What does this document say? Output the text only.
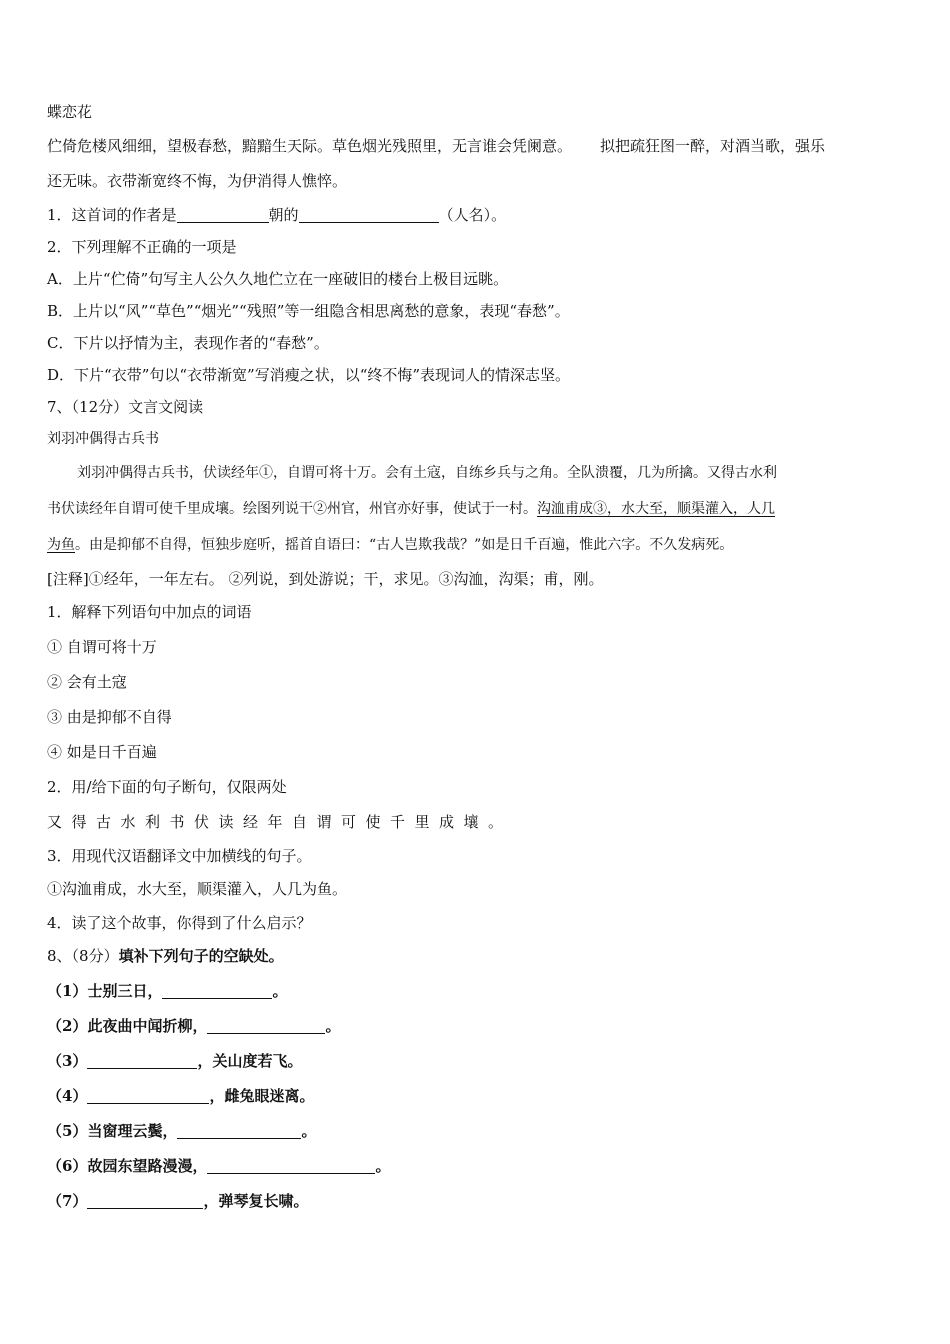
蝶恋花
伫倚危楼风细细，望极春愁，黯黯生天际。草色烟光残照里，无言谁会凭阑意。 拟把疏狂图一醉，对酒当歌，强乐
还无味。衣带渐宽终不悔，为伊消得人憔悴。
1．这首词的作者是	朝的	（人名）。
2．下列理解不正确的一项是
A．上片“伫倚”句写主人公久久地伫立在一座破旧的楼台上极目远眺。
B．上片以“风”“草色”“烟光”“残照”等一组隐含相思离愁的意象，表现“春愁”。
C．下片以抒情为主，表现作者的“春愁”。
D．下片“衣带”句以“衣带渐宽”写消瘦之状，以“终不悔”表现词人的情深志坚。
7、（12分）文言文阅读
刘羽冲偶得古兵书
刘羽冲偶得古兵书，伏读经年①，自谓可将十万。会有土寇，自练乡兵与之角。全队溃覆，几为所擒。又得古水利
书伏读经年自谓可使千里成壤。绘图列说干②州官，州官亦好事，使试于一村。沟洫甫成③，水大至，顺渠灌入，人几
为鱼。由是抑郁不自得，恒独步庭听，摇首自语曰：“古人岂欺我哉？”如是日千百遍，惟此六字。不久发病死。
[注释]①经年，一年左右。 ②列说，到处游说；干，求见。③沟洫，沟渠；甫，刚。
1．解释下列语句中加点的词语
① 自谓可将十万
② 会有土寇
③ 由是抑郁不自得
④ 如是日千百遍
2．用/给下面的句子断句，仅限两处
又得古水利书伏读经年自谓可使千里成壤。
3．用现代汉语翻译文中加横线的句子。
①沟洫甫成，水大至，顺渠灌入，人几为鱼。
4．读了这个故事，你得到了什么启示？
8、（8分）填补下列句子的空缺处。
（1）士别三日，	。
（2）此夜曲中闻折柳，	。
（3）	，关山度若飞。
（4）	，雌兔眼迷离。
（5）当窗理云鬓，	。
（6）故园东望路漫漫，	。
（7）	，弹琴复长啸。
